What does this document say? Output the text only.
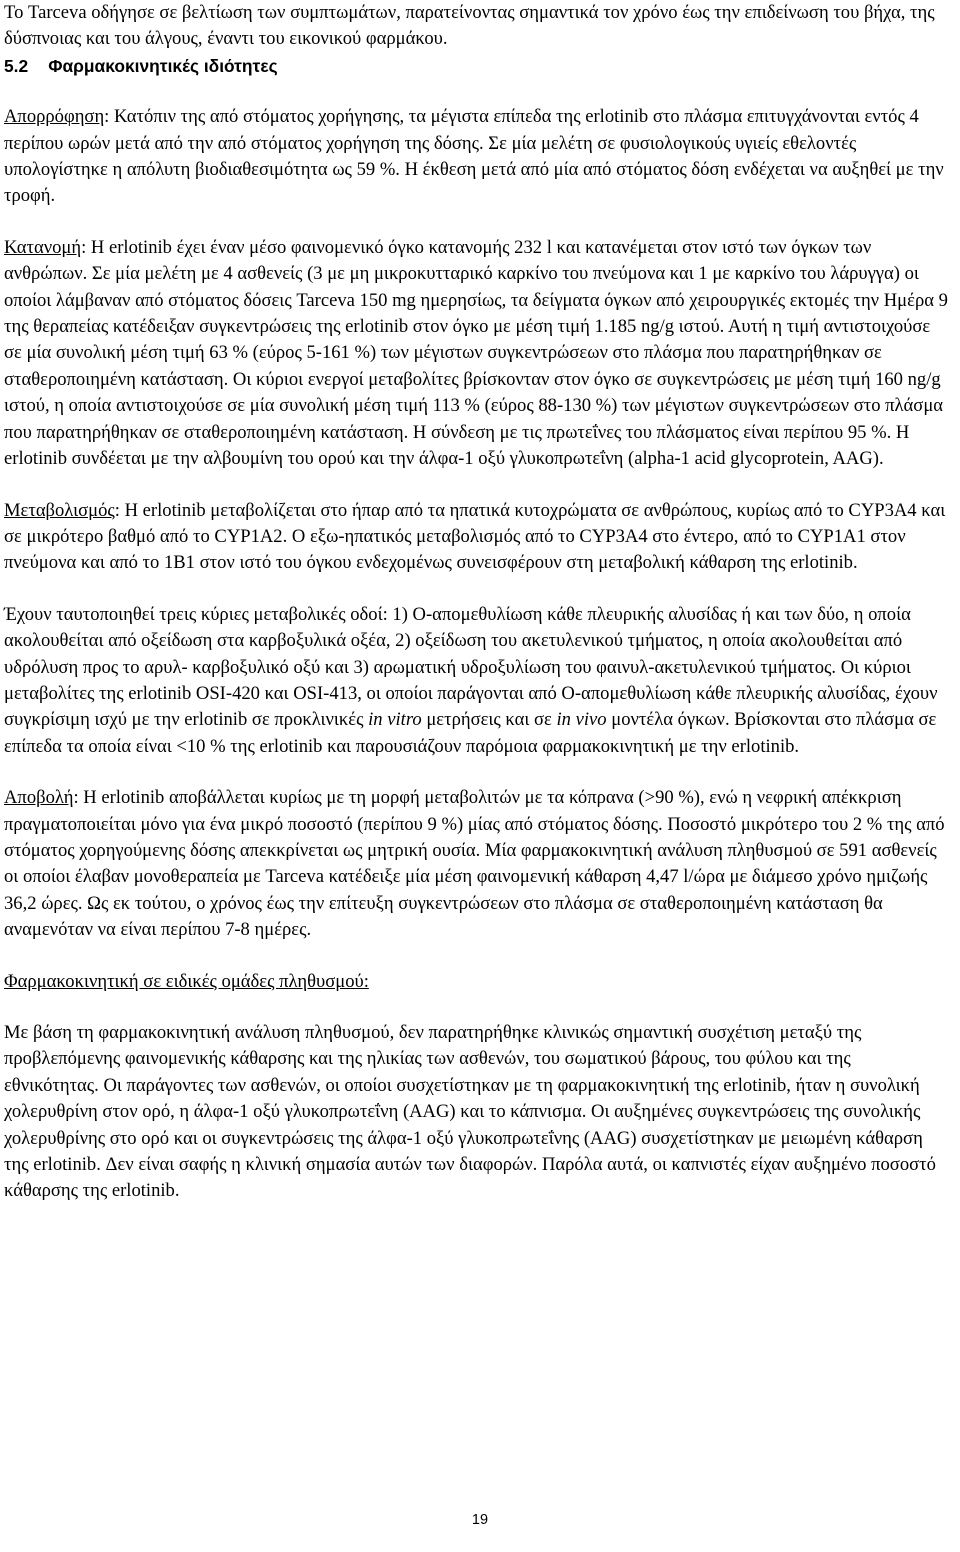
Το Tarceva οδήγησε σε βελτίωση των συμπτωμάτων, παρατείνοντας σημαντικά τον χρόνο έως την επιδείνωση του βήχα, της δύσπνοιας και του άλγους, έναντι του εικονικού φαρμάκου.

5.2 Φαρμακοκινητικές ιδιότητες

Απορρόφηση: Κατόπιν της από στόματος χορήγησης, τα μέγιστα επίπεδα της erlotinib στο πλάσμα επιτυγχάνονται εντός 4 περίπου ωρών μετά από την από στόματος χορήγηση της δόσης. Σε μία μελέτη σε φυσιολογικούς υγιείς εθελοντές υπολογίστηκε η απόλυτη βιοδιαθεσιμότητα ως 59 %. Η έκθεση μετά από μία από στόματος δόση ενδέχεται να αυξηθεί με την τροφή.

Κατανομή: Η erlotinib έχει έναν μέσο φαινομενικό όγκο κατανομής 232 l και κατανέμεται στον ιστό των όγκων των ανθρώπων. Σε μία μελέτη με 4 ασθενείς (3 με μη μικροκυτταρικό καρκίνο του πνεύμονα και 1 με καρκίνο του λάρυγγα) οι οποίοι λάμβαναν από στόματος δόσεις Tarceva 150 mg ημερησίως, τα δείγματα όγκων από χειρουργικές εκτομές την Ημέρα 9 της θεραπείας κατέδειξαν συγκεντρώσεις της erlotinib στον όγκο με μέση τιμή 1.185 ng/g ιστού. Αυτή η τιμή αντιστοιχούσε σε μία συνολική μέση τιμή 63 % (εύρος 5-161 %) των μέγιστων συγκεντρώσεων στο πλάσμα που παρατηρήθηκαν σε σταθεροποιημένη κατάσταση. Οι κύριοι ενεργοί μεταβολίτες βρίσκονταν στον όγκο σε συγκεντρώσεις με μέση τιμή 160 ng/g ιστού, η οποία αντιστοιχούσε σε μία συνολική μέση τιμή 113 % (εύρος 88-130 %) των μέγιστων συγκεντρώσεων στο πλάσμα που παρατηρήθηκαν σε σταθεροποιημένη κατάσταση. Η σύνδεση με τις πρωτεΐνες του πλάσματος είναι περίπου 95 %. Η erlotinib συνδέεται με την αλβουμίνη του ορού και την άλφα-1 οξύ γλυκοπρωτεΐνη (alpha-1 acid glycoprotein, AAG).

Μεταβολισμός: Η erlotinib μεταβολίζεται στο ήπαρ από τα ηπατικά κυτοχρώματα σε ανθρώπους, κυρίως από το CYP3A4 και σε μικρότερο βαθμό από το CYP1A2. Ο εξω-ηπατικός μεταβολισμός από το CYP3A4 στο έντερο, από το CYP1A1 στον πνεύμονα και από το 1B1 στον ιστό του όγκου ενδεχομένως συνεισφέρουν στη μεταβολική κάθαρση της erlotinib.

Έχουν ταυτοποιηθεί τρεις κύριες μεταβολικές οδοί: 1) Ο-απομεθυλίωση κάθε πλευρικής αλυσίδας ή και των δύο, η οποία ακολουθείται από οξείδωση στα καρβοξυλικά οξέα, 2) οξείδωση του ακετυλενικού τμήματος, η οποία ακολουθείται από υδρόλυση προς το αρυλ- καρβοξυλικό οξύ και 3) αρωματική υδροξυλίωση του φαινυλ-ακετυλενικού τμήματος. Οι κύριοι μεταβολίτες της erlotinib OSI-420 και OSI-413, οι οποίοι παράγονται από Ο-απομεθυλίωση κάθε πλευρικής αλυσίδας, έχουν συγκρίσιμη ισχύ με την erlotinib σε προκλινικές in vitro μετρήσεις και σε in vivo μοντέλα όγκων. Βρίσκονται στο πλάσμα σε επίπεδα τα οποία είναι <10 % της erlotinib και παρουσιάζουν παρόμοια φαρμακοκινητική με την erlotinib.

Αποβολή: Η erlotinib αποβάλλεται κυρίως με τη μορφή μεταβολιτών με τα κόπρανα (>90 %), ενώ η νεφρική απέκκριση πραγματοποιείται μόνο για ένα μικρό ποσοστό (περίπου 9 %) μίας από στόματος δόσης. Ποσοστό μικρότερο του 2 % της από στόματος χορηγούμενης δόσης απεκκρίνεται ως μητρική ουσία. Μία φαρμακοκινητική ανάλυση πληθυσμού σε 591 ασθενείς οι οποίοι έλαβαν μονοθεραπεία με Tarceva κατέδειξε μία μέση φαινομενική κάθαρση 4,47 l/ώρα με διάμεσο χρόνο ημιζωής 36,2 ώρες. Ως εκ τούτου, ο χρόνος έως την επίτευξη συγκεντρώσεων στο πλάσμα σε σταθεροποιημένη κατάσταση θα αναμενόταν να είναι περίπου 7-8 ημέρες.

Φαρμακοκινητική σε ειδικές ομάδες πληθυσμού:

Με βάση τη φαρμακοκινητική ανάλυση πληθυσμού, δεν παρατηρήθηκε κλινικώς σημαντική συσχέτιση μεταξύ της προβλεπόμενης φαινομενικής κάθαρσης και της ηλικίας των ασθενών, του σωματικού βάρους, του φύλου και της εθνικότητας. Οι παράγοντες των ασθενών, οι οποίοι συσχετίστηκαν με τη φαρμακοκινητική της erlotinib, ήταν η συνολική χολερυθρίνη στον ορό, η άλφα-1 οξύ γλυκοπρωτεΐνη (AAG) και το κάπνισμα. Οι αυξημένες συγκεντρώσεις της συνολικής χολερυθρίνης στο ορό και οι συγκεντρώσεις της άλφα-1 οξύ γλυκοπρωτεΐνης (AAG) συσχετίστηκαν με μειωμένη κάθαρση της erlotinib. Δεν είναι σαφής η κλινική σημασία αυτών των διαφορών. Παρόλα αυτά, οι καπνιστές είχαν αυξημένο ποσοστό κάθαρσης της erlotinib.

19
